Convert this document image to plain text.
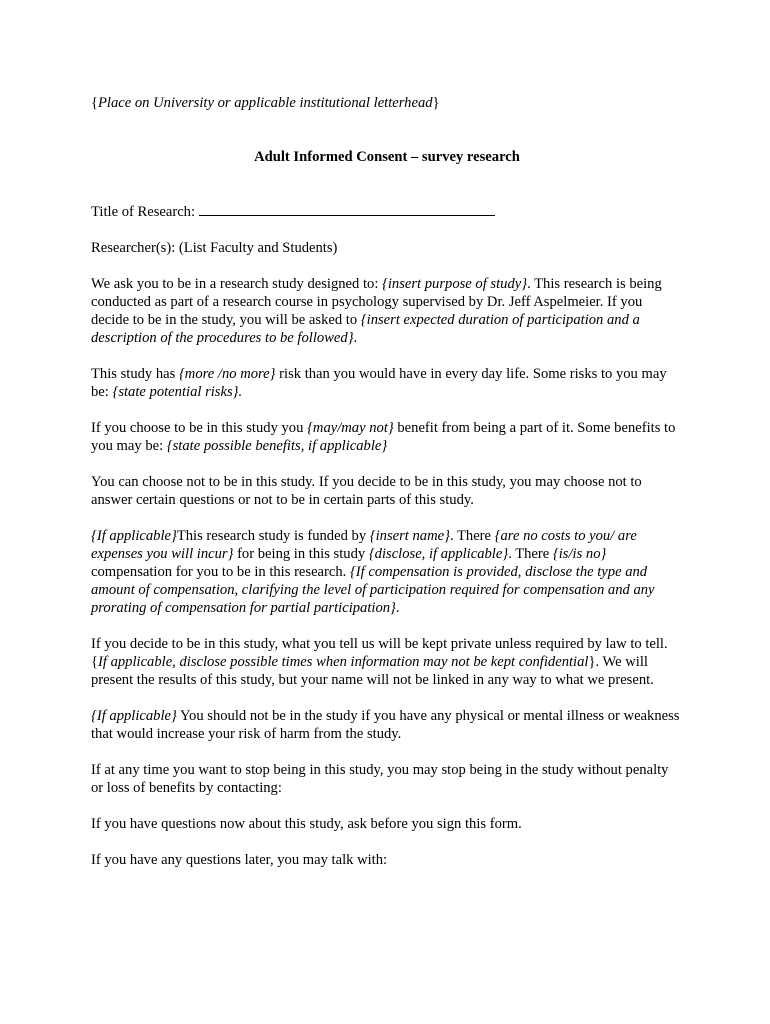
{Place on University or applicable institutional letterhead}

Adult Informed Consent – survey research

Title of Research:

Researcher(s): (List Faculty and Students)

We ask you to be in a research study designed to: {insert purpose of study}. This research is being conducted as part of a research course in psychology supervised by Dr. Jeff Aspelmeier. If you decide to be in the study, you will be asked to {insert expected duration of participation and a description of the procedures to be followed}.

This study has {more /no more} risk than you would have in every day life. Some risks to you may be: {state potential risks}.

If you choose to be in this study you {may/may not} benefit from being a part of it. Some benefits to you may be: {state possible benefits, if applicable}

You can choose not to be in this study. If you decide to be in this study, you may choose not to answer certain questions or not to be in certain parts of this study.

{If applicable}This research study is funded by {insert name}. There {are no costs to you/ are expenses you will incur} for being in this study {disclose, if applicable}. There {is/is no} compensation for you to be in this research. {If compensation is provided, disclose the type and amount of compensation, clarifying the level of participation required for compensation and any prorating of compensation for partial participation}.

If you decide to be in this study, what you tell us will be kept private unless required by law to tell. {If applicable, disclose possible times when information may not be kept confidential}. We will present the results of this study, but your name will not be linked in any way to what we present.

{If applicable} You should not be in the study if you have any physical or mental illness or weakness that would increase your risk of harm from the study.

If at any time you want to stop being in this study, you may stop being in the study without penalty or loss of benefits by contacting:

If you have questions now about this study, ask before you sign this form.

If you have any questions later, you may talk with:
